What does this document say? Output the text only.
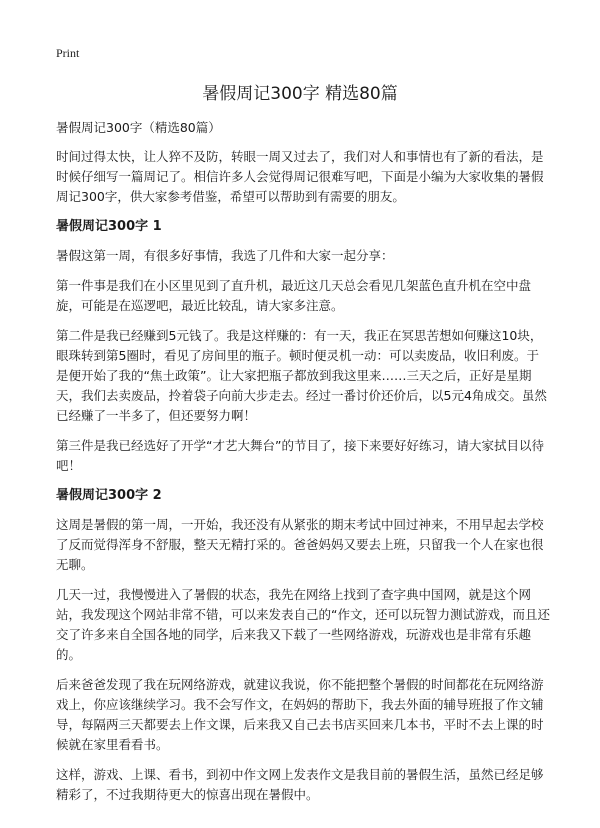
Print
暑假周记300字 精选80篇

暑假周记300字（精选80篇）

时间过得太快，让人猝不及防，转眼一周又过去了，我们对人和事情也有了新的看法，是时候仔细写一篇周记了。相信许多人会觉得周记很难写吧，下面是小编为大家收集的暑假周记300字，供大家参考借鉴，希望可以帮助到有需要的朋友。

暑假周记300字 1

暑假这第一周，有很多好事情，我选了几件和大家一起分享：

第一件事是我们在小区里见到了直升机，最近这几天总会看见几架蓝色直升机在空中盘旋，可能是在巡逻吧，最近比较乱，请大家多注意。

第二件是我已经赚到5元钱了。我是这样赚的：有一天，我正在冥思苦想如何赚这10块，眼珠转到第5圈时，看见了房间里的瓶子。顿时便灵机一动：可以卖废品，收旧利废。于是便开始了我的“焦土政策”。让大家把瓶子都放到我这里来……三天之后，正好是星期天，我们去卖废品，拎着袋子向前大步走去。经过一番讨价还价后，以5元4角成交。虽然已经赚了一半多了，但还要努力啊！

第三件是我已经选好了开学“才艺大舞台”的节目了，接下来要好好练习，请大家拭目以待吧！

暑假周记300字 2

这周是暑假的第一周，一开始，我还没有从紧张的期末考试中回过神来，不用早起去学校了反而觉得浑身不舒服，整天无精打采的。爸爸妈妈又要去上班，只留我一个人在家也很无聊。

几天一过，我慢慢进入了暑假的状态，我先在网络上找到了查字典中国网，就是这个网站，我发现这个网站非常不错，可以来发表自己的“作文，还可以玩智力测试游戏，而且还交了许多来自全国各地的同学，后来我又下载了一些网络游戏，玩游戏也是非常有乐趣的。

后来爸爸发现了我在玩网络游戏，就建议我说，你不能把整个暑假的时间都花在玩网络游戏上，你应该继续学习。我不会写作文，在妈妈的帮助下，我去外面的辅导班报了作文辅导，每隔两三天都要去上作文课，后来我又自己去书店买回来几本书，平时不去上课的时候就在家里看看书。

这样，游戏、上课、看书，到初中作文网上发表作文是我目前的暑假生活，虽然已经足够精彩了，不过我期待更大的惊喜出现在暑假中。
